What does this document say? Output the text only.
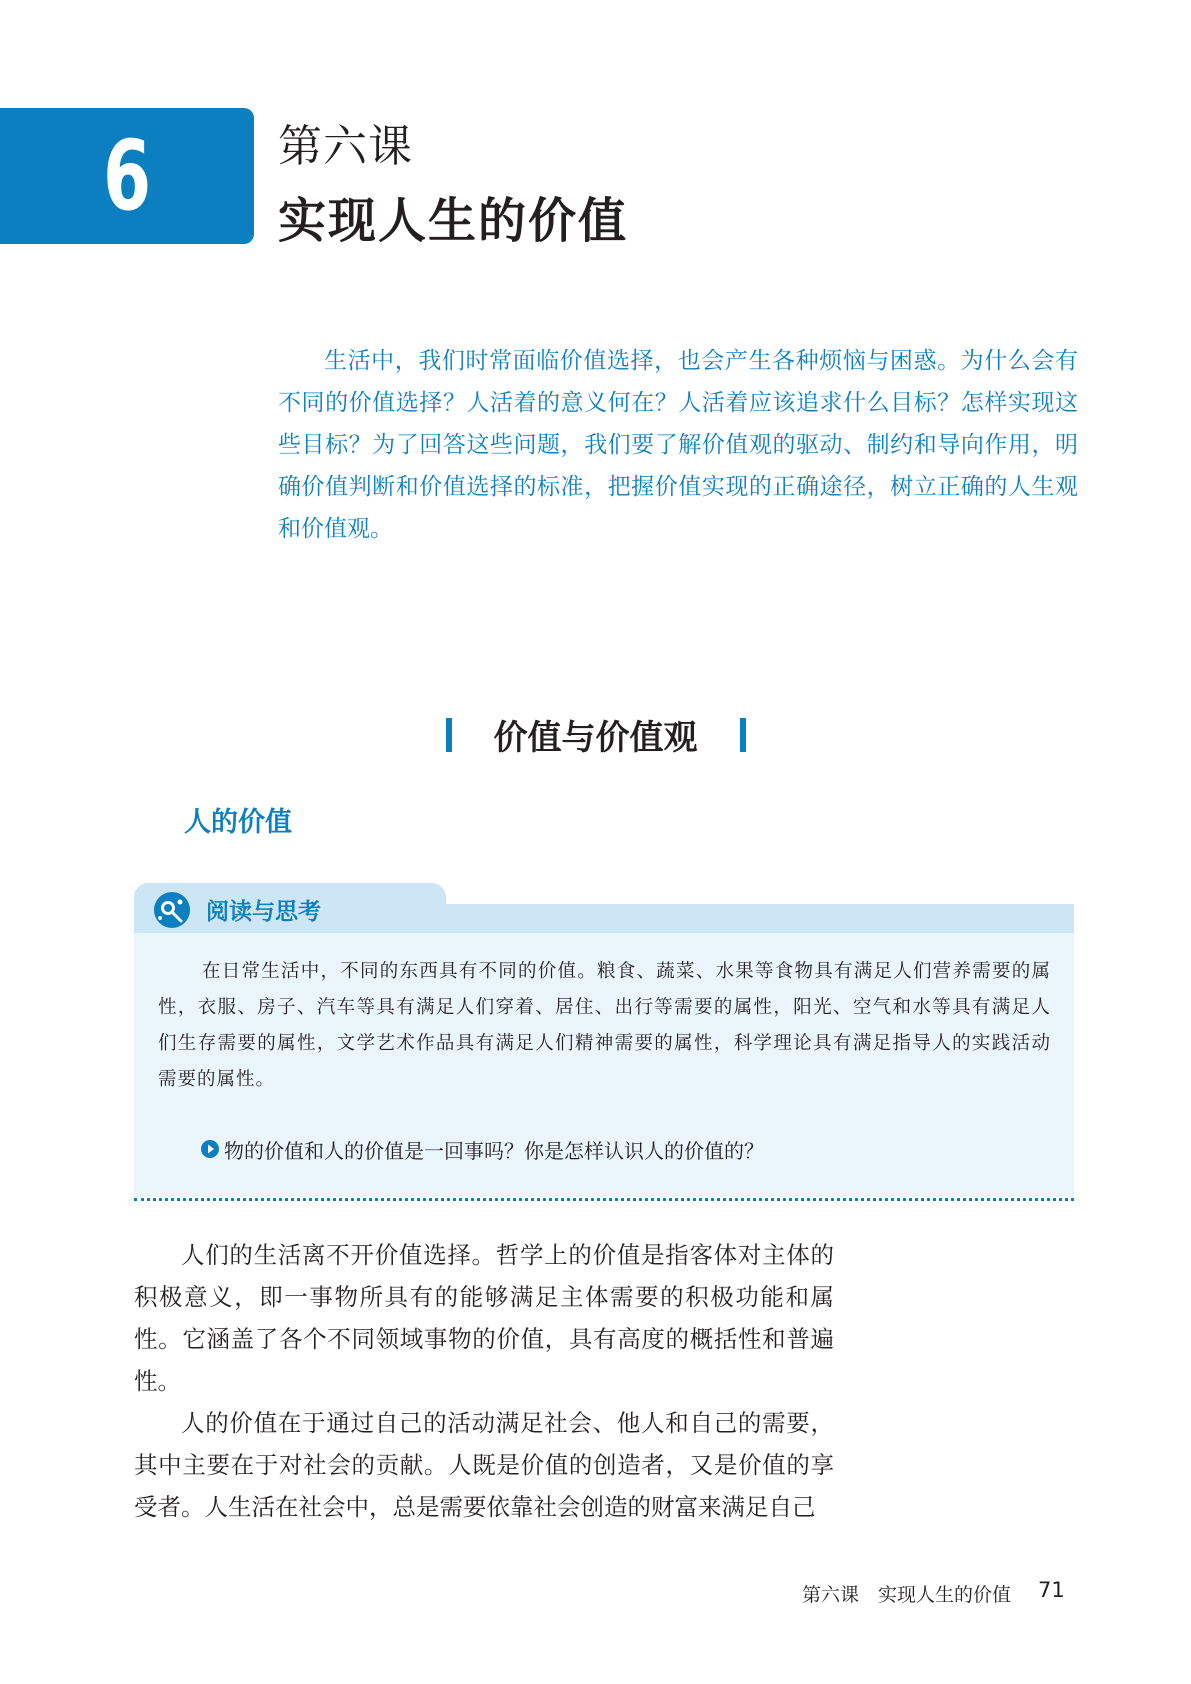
6	第六课
实现人生的价值
生活中，我们时常面临价值选择，也会产生各种烦恼与困惑。为什么会有不同的价值选择？人活着的意义何在？人活着应该追求什么目标？怎样实现这些目标？为了回答这些问题，我们要了解价值观的驱动、制约和导向作用，明确价值判断和价值选择的标准，把握价值实现的正确途径，树立正确的人生观和价值观。
价值与价值观
人的价值
阅读与思考
在日常生活中，不同的东西具有不同的价值。粮食、蔬菜、水果等食物具有满足人们营养需要的属性，衣服、房子、汽车等具有满足人们穿着、居住、出行等需要的属性，阳光、空气和水等具有满足人们生存需要的属性，文学艺术作品具有满足人们精神需要的属性，科学理论具有满足指导人的实践活动需要的属性。
物的价值和人的价值是一回事吗？你是怎样认识人的价值的？

人们的生活离不开价值选择。哲学上的价值是指客体对主体的积极意义，即一事物所具有的能够满足主体需要的积极功能和属性。它涵盖了各个不同领域事物的价值，具有高度的概括性和普遍性。

人的价值在于通过自己的活动满足社会、他人和自己的需要，其中主要在于对社会的贡献。人既是价值的创造者，又是价值的享受者。人生活在社会中，总是需要依靠社会创造的财富来满足自己

第六课　实现人生的价值 71
